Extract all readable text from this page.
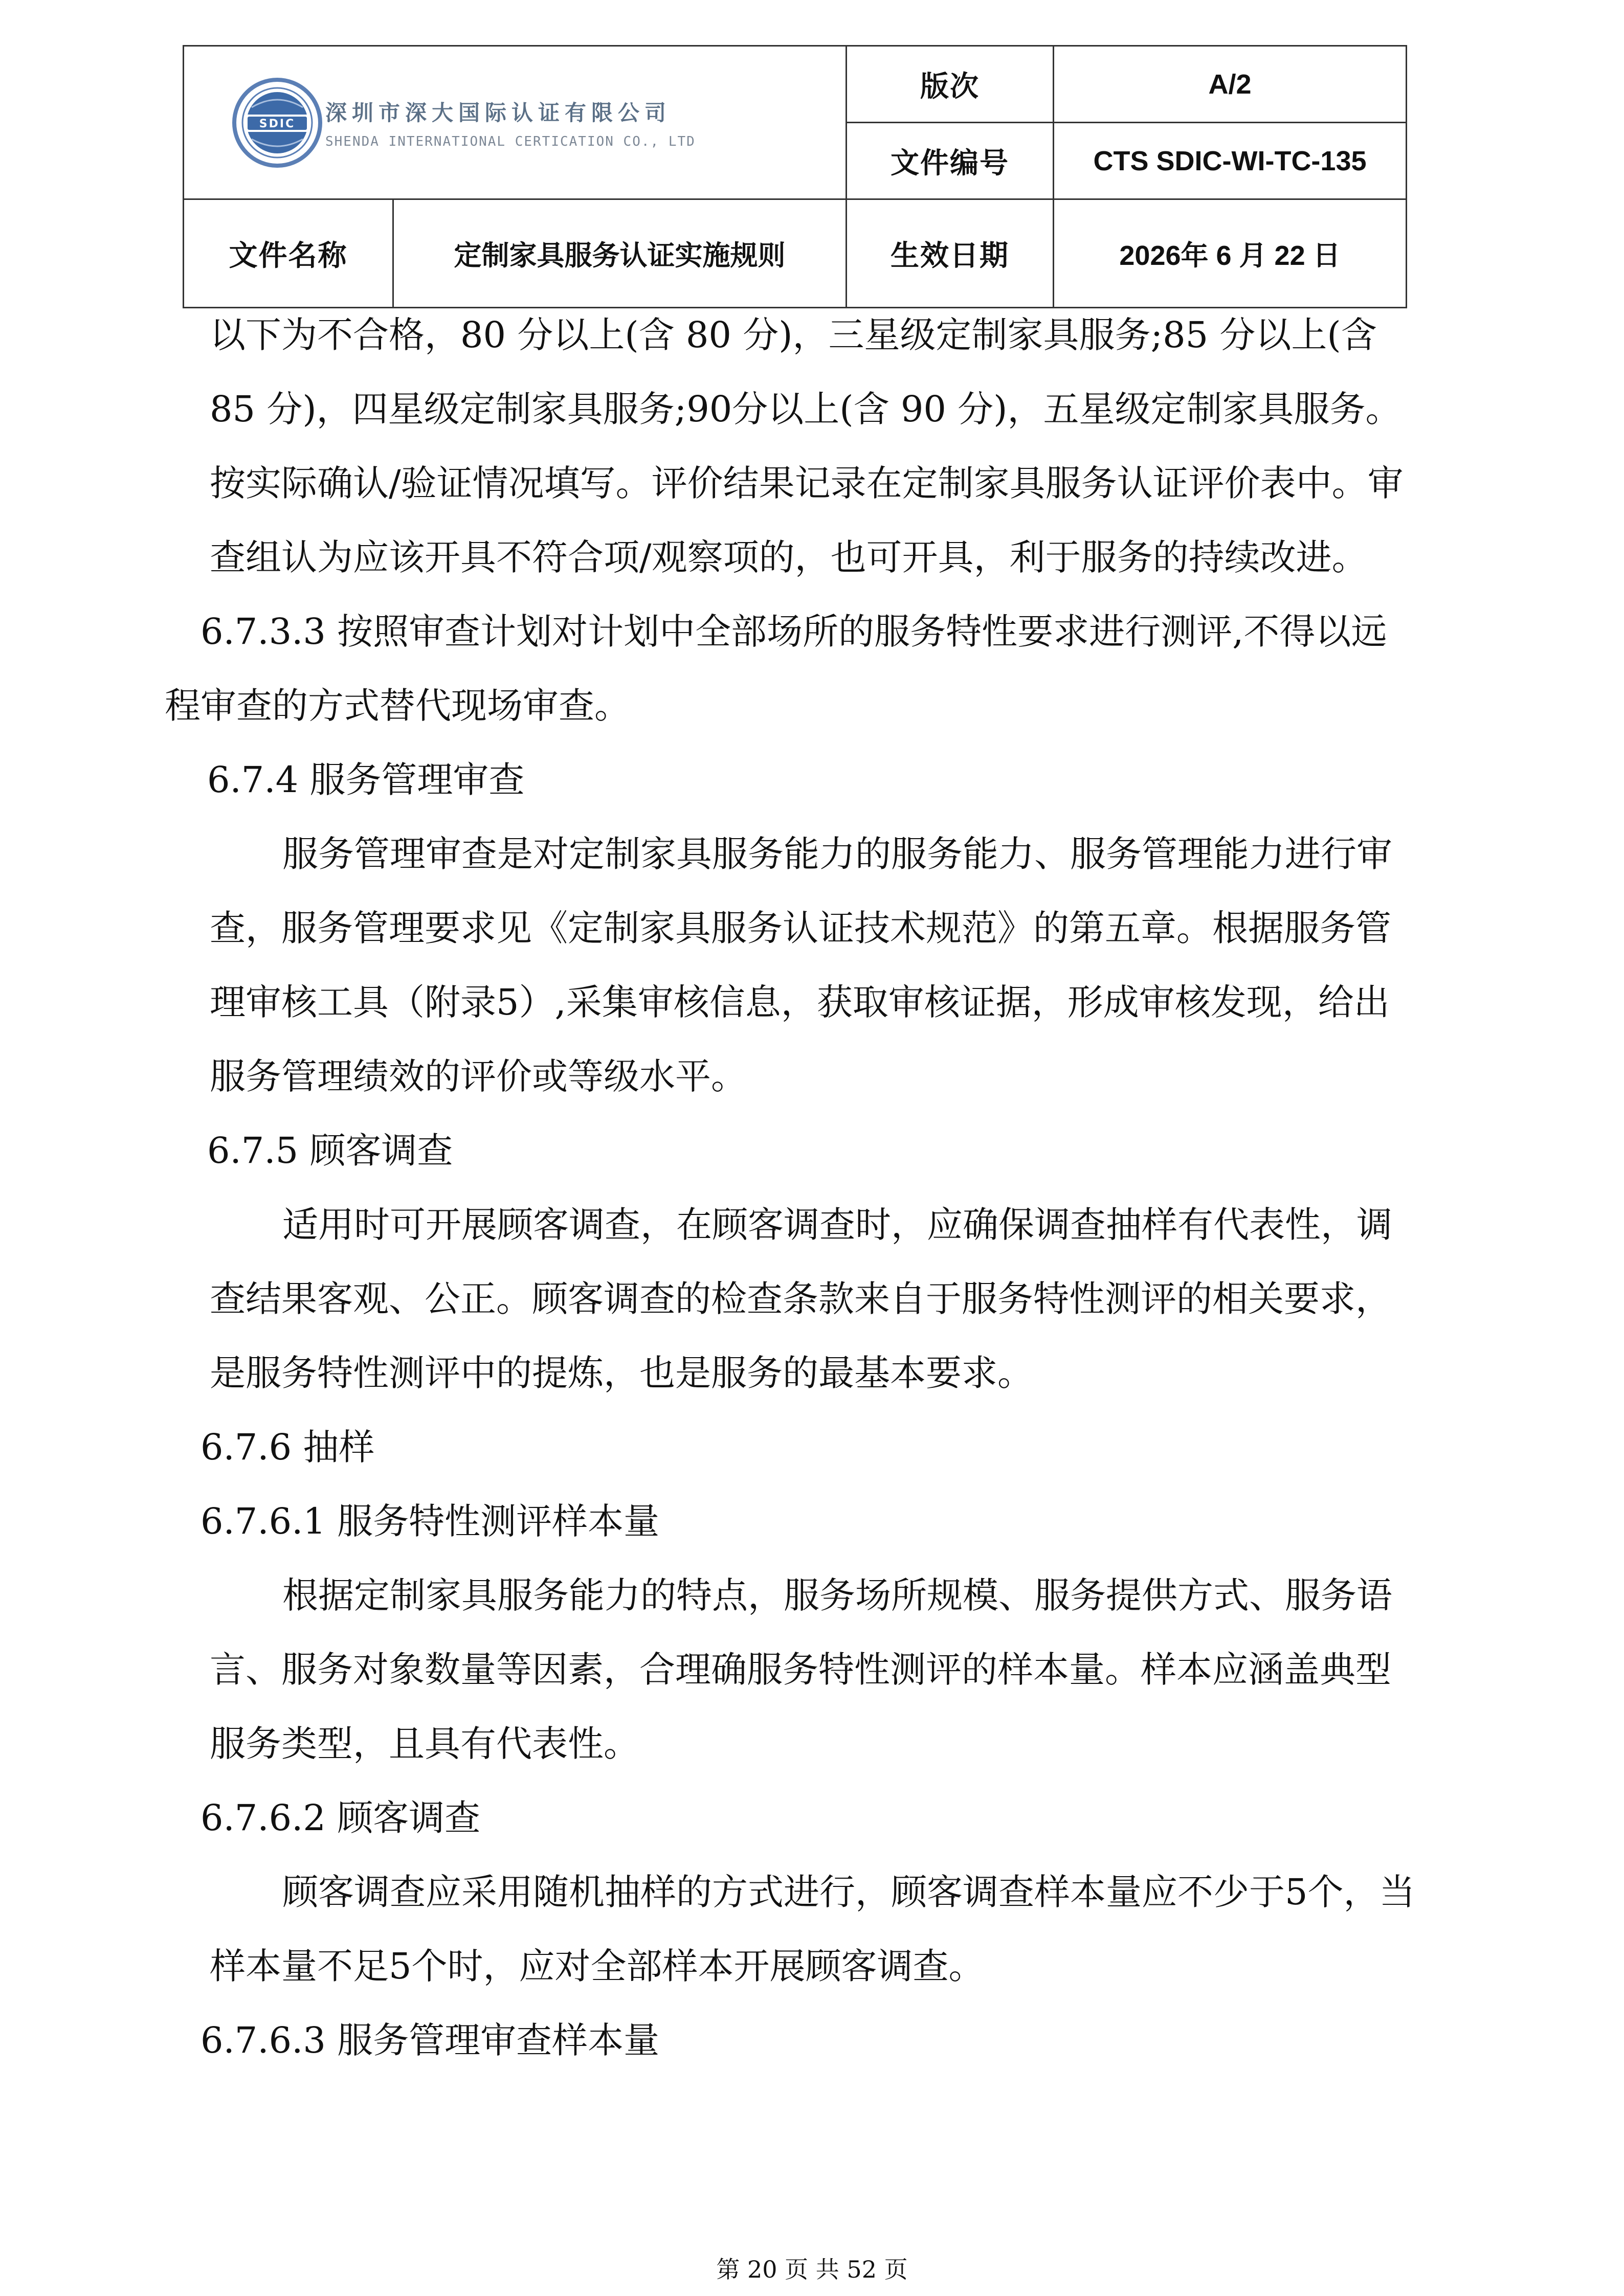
SDIC 深圳市深大国际认证有限公司
SHENDA INTERNATIONAL CERTICATION CO., LTD		版次	A/2
		文件编号	CTS SDIC-WI-TC-135
文件名称	定制家具服务认证实施规则	生效日期	2026年 6 月 22 日

以下为不合格，80 分以上(含 80 分)，三星级定制家具服务;85 分以上(含

85 分)，四星级定制家具服务;90分以上(含 90 分)，五星级定制家具服务。

按实际确认/验证情况填写。评价结果记录在定制家具服务认证评价表中。审

查组认为应该开具不符合项/观察项的，也可开具，利于服务的持续改进。

6.7.3.3 按照审查计划对计划中全部场所的服务特性要求进行测评,不得以远

程审查的方式替代现场审查。

6.7.4 服务管理审查

服务管理审查是对定制家具服务能力的服务能力、服务管理能力进行审

查，服务管理要求见《定制家具服务认证技术规范》的第五章。根据服务管

理审核工具（附录5）,采集审核信息，获取审核证据，形成审核发现，给出

服务管理绩效的评价或等级水平。

6.7.5 顾客调查

适用时可开展顾客调查，在顾客调查时，应确保调查抽样有代表性，调

查结果客观、公正。顾客调查的检查条款来自于服务特性测评的相关要求，

是服务特性测评中的提炼，也是服务的最基本要求。

6.7.6 抽样

6.7.6.1 服务特性测评样本量

根据定制家具服务能力的特点，服务场所规模、服务提供方式、服务语

言、服务对象数量等因素，合理确服务特性测评的样本量。样本应涵盖典型

服务类型，且具有代表性。

6.7.6.2 顾客调查

顾客调查应采用随机抽样的方式进行，顾客调查样本量应不少于5个，当

样本量不足5个时，应对全部样本开展顾客调查。

6.7.6.3 服务管理审查样本量

第 20 页 共 52 页
